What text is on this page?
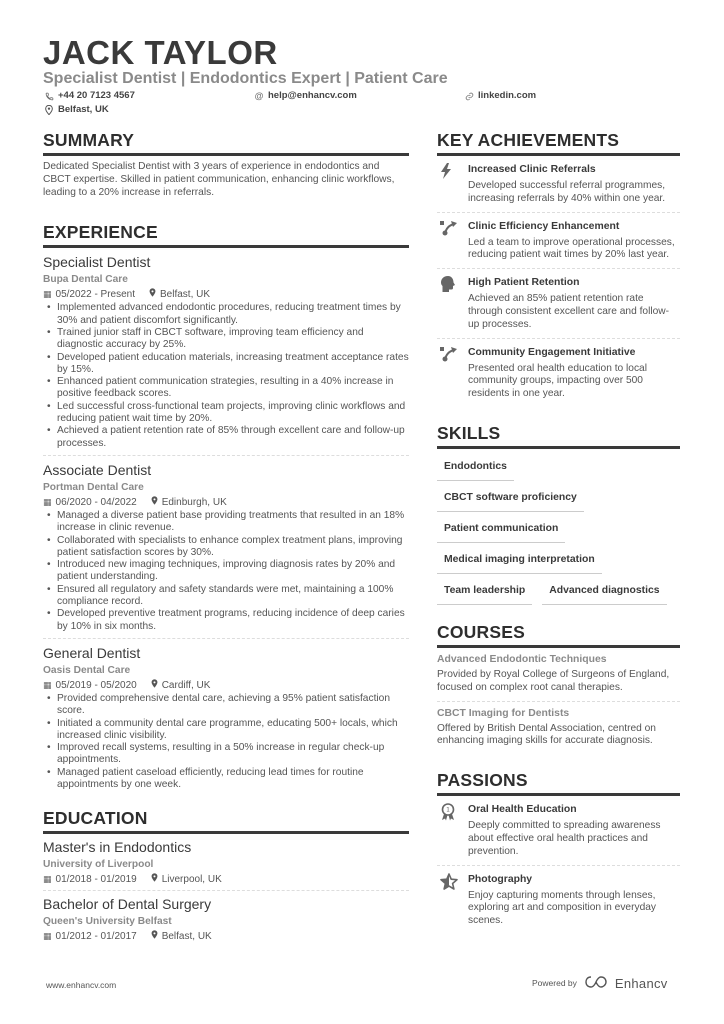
JACK TAYLOR
Specialist Dentist | Endodontics Expert | Patient Care
+44 20 7123 4567	@ help@enhancv.com	linkedin.com
Belfast, UK
SUMMARY

Dedicated Specialist Dentist with 3 years of experience in endodontics and CBCT expertise. Skilled in patient communication, enhancing clinic workflows, leading to a 20% increase in referrals.

EXPERIENCE
Specialist Dentist
Bupa Dental Care
▦ 05/2022 - Present	Belfast, UK
• Implemented advanced endodontic procedures, reducing treatment times by 30% and patient discomfort significantly.
• Trained junior staff in CBCT software, improving team efficiency and diagnostic accuracy by 25%.
• Developed patient education materials, increasing treatment acceptance rates by 15%.
• Enhanced patient communication strategies, resulting in a 40% increase in positive feedback scores.
• Led successful cross-functional team projects, improving clinic workflows and reducing patient wait time by 20%.
• Achieved a patient retention rate of 85% through excellent care and follow-up processes.
Associate Dentist
Portman Dental Care
▦ 06/2020 - 04/2022	Edinburgh, UK
• Managed a diverse patient base providing treatments that resulted in an 18% increase in clinic revenue.
• Collaborated with specialists to enhance complex treatment plans, improving patient satisfaction scores by 30%.
• Introduced new imaging techniques, improving diagnosis rates by 20% and patient understanding.
• Ensured all regulatory and safety standards were met, maintaining a 100% compliance record.
• Developed preventive treatment programs, reducing incidence of deep caries by 10% in six months.
General Dentist
Oasis Dental Care
▦ 05/2019 - 05/2020	Cardiff, UK
• Provided comprehensive dental care, achieving a 95% patient satisfaction score.
• Initiated a community dental care programme, educating 500+ locals, which increased clinic visibility.
• Improved recall systems, resulting in a 50% increase in regular check-up appointments.
• Managed patient caseload efficiently, reducing lead times for routine appointments by one week.
EDUCATION
Master's in Endodontics
University of Liverpool
▦ 01/2018 - 01/2019	Liverpool, UK
Bachelor of Dental Surgery
Queen's University Belfast
▦ 01/2012 - 01/2017	Belfast, UK
KEY ACHIEVEMENTS
Increased Clinic Referrals
Developed successful referral programmes, increasing referrals by 40% within one year.
Clinic Efficiency Enhancement
Led a team to improve operational processes, reducing patient wait times by 20% last year.
High Patient Retention
Achieved an 85% patient retention rate through consistent excellent care and follow-up processes.
Community Engagement Initiative
Presented oral health education to local community groups, impacting over 500 residents in one year.
SKILLS
Endodontics
CBCT software proficiency
Patient communication
Medical imaging interpretation
Team leadership	Advanced diagnostics
COURSES
Advanced Endodontic Techniques
Provided by Royal College of Surgeons of England, focused on complex root canal therapies.
CBCT Imaging for Dentists
Offered by British Dental Association, centred on enhancing imaging skills for accurate diagnosis.
PASSIONS
1 Oral Health Education
Deeply committed to spreading awareness about effective oral health practices and prevention.
Photography
Enjoy capturing moments through lenses, exploring art and composition in everyday scenes.
www.enhancv.com	Powered by	Enhancv
